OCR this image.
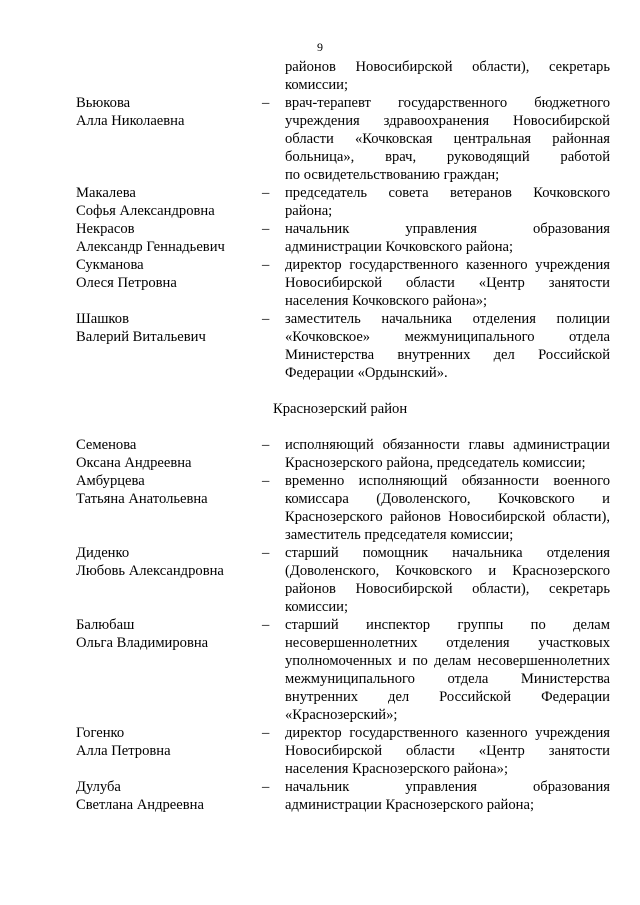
9
районов Новосибирской области), секретарь
комиссии;
Вьюкова
Алла Николаевна
–	врач-терапевт государственного бюджетного
учреждения здравоохранения Новосибирской
области «Кочковская центральная районная
больница», врач, руководящий работой
по освидетельствованию граждан;
Макалева
Софья Александровна
–	председатель совета ветеранов Кочковского
района;
Некрасов
Александр Геннадьевич
–	начальник управления образования
администрации Кочковского района;
Сукманова
Олеся Петровна
–	директор государственного казенного учреждения
Новосибирской области «Центр занятости
населения Кочковского района»;
Шашков
Валерий Витальевич
–	заместитель начальника отделения полиции
«Кочковское» межмуниципального отдела
Министерства внутренних дел Российской
Федерации «Ордынский».
Краснозерский район
Семенова
Оксана Андреевна
–	исполняющий обязанности главы администрации
Краснозерского района, председатель комиссии;
Амбурцева
Татьяна Анатольевна
–	временно исполняющий обязанности военного
комиссара (Доволенского, Кочковского и
Краснозерского районов Новосибирской области),
заместитель председателя комиссии;
Диденко
Любовь Александровна
–	старший помощник начальника отделения
(Доволенского, Кочковского и Краснозерского
районов Новосибирской области), секретарь
комиссии;
Балюбаш
Ольга Владимировна
–	старший инспектор группы по делам
несовершеннолетних отделения участковых
уполномоченных и по делам несовершеннолетних
межмуниципального отдела Министерства
внутренних дел Российской Федерации
«Краснозерский»;
Гогенко
Алла Петровна
–	директор государственного казенного учреждения
Новосибирской области «Центр занятости
населения Краснозерского района»;
Дулуба
Светлана Андреевна
–	начальник управления образования
администрации Краснозерского района;
